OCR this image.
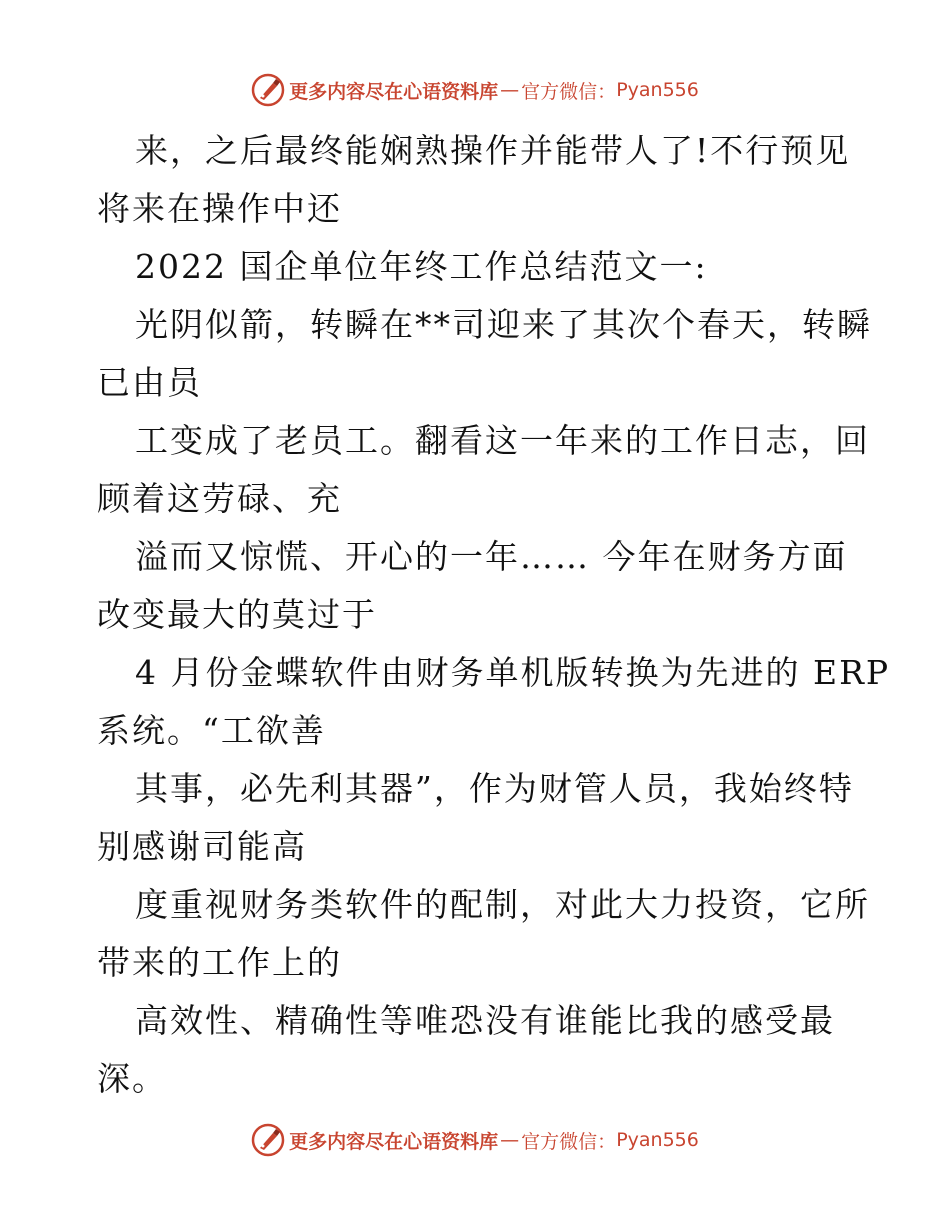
更多内容尽在心语资料库 — 官方微信： Pyan556
来，之后最终能娴熟操作并能带人了!不行预见
将来在操作中还
2022 国企单位年终工作总结范文一:
光阴似箭，转瞬在**司迎来了其次个春天，转瞬
已由员
工变成了老员工。翻看这一年来的工作日志，回
顾着这劳碌、充
溢而又惊慌、开心的一年…… 今年在财务方面
改变最大的莫过于
4 月份金蝶软件由财务单机版转换为先进的 ERP
系统。“工欲善
其事，必先利其器”，作为财管人员，我始终特
别感谢司能高
度重视财务类软件的配制，对此大力投资，它所
带来的工作上的
高效性、精确性等唯恐没有谁能比我的感受最
深。
更多内容尽在心语资料库 — 官方微信： Pyan556
